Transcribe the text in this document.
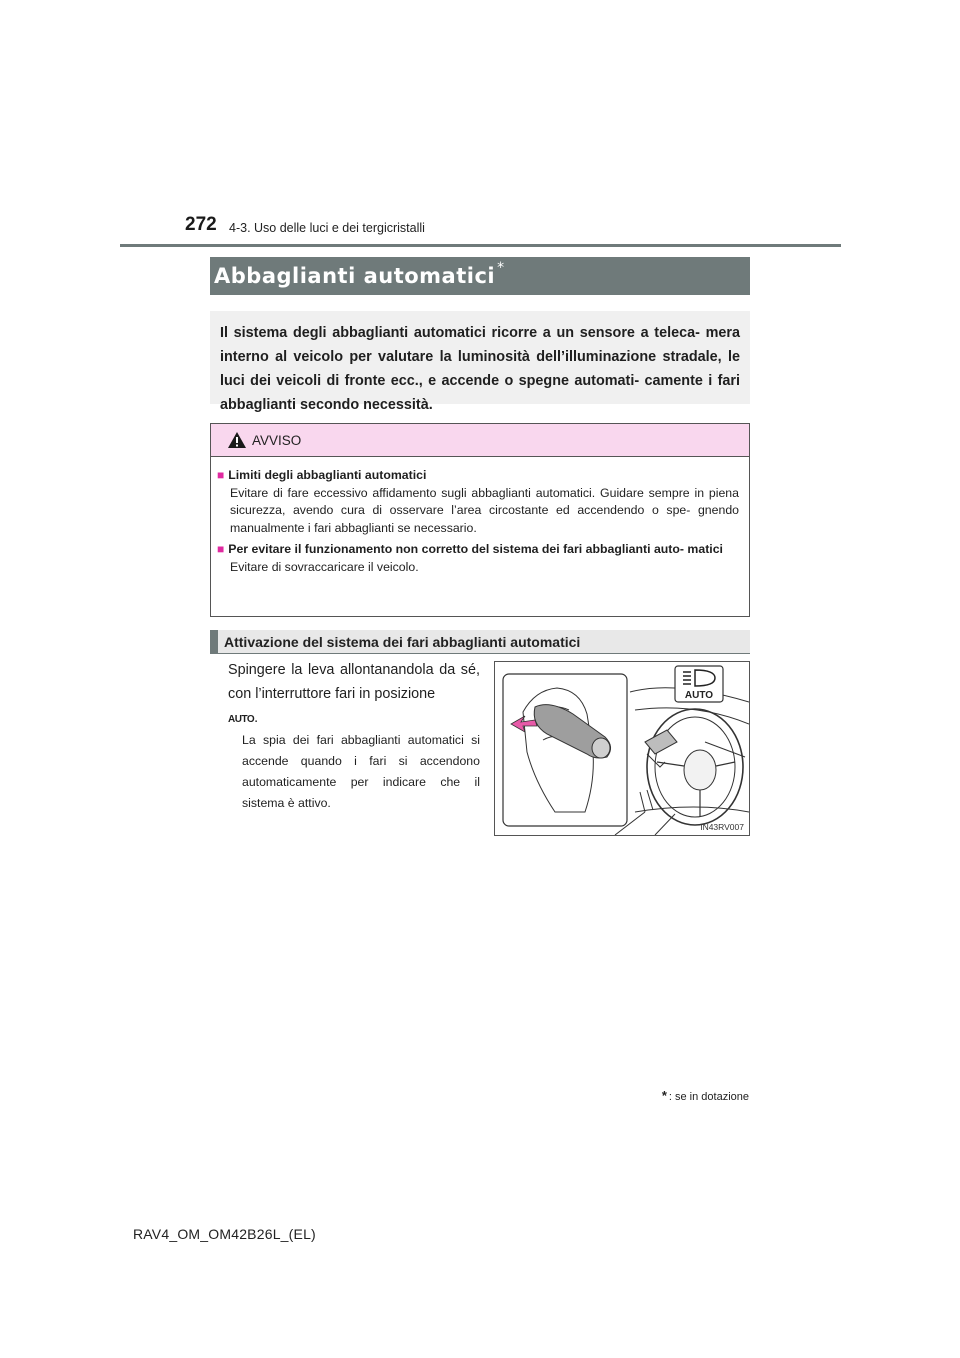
272 4-3. Uso delle luci e dei tergicristalli
Abbaglianti automatici *
Il sistema degli abbaglianti automatici ricorre a un sensore a teleca- mera interno al veicolo per valutare la luminosità dell’illuminazione stradale, le luci dei veicoli di fronte ecc., e accende o spegne automati- camente i fari abbaglianti secondo necessità.
AVVISO
■ Limiti degli abbaglianti automatici
Evitare di fare eccessivo affidamento sugli abbaglianti automatici. Guidare sempre in piena sicurezza, avendo cura di osservare l’area circostante ed accendendo o spe- gnendo manualmente i fari abbaglianti se necessario.
■ Per evitare il funzionamento non corretto del sistema dei fari abbaglianti auto- matici
Evitare di sovraccaricare il veicolo.
Attivazione del sistema dei fari abbaglianti automatici
Spingere la leva allontanandola da sé, con l’interruttore fari in posizione
AUTO.
La spia dei fari abbaglianti automatici si accende quando i fari si accendono automaticamente per indicare che il sistema è attivo.
AUTO
IN43RV007
* : se in dotazione
RAV4_OM_OM42B26L_(EL)
